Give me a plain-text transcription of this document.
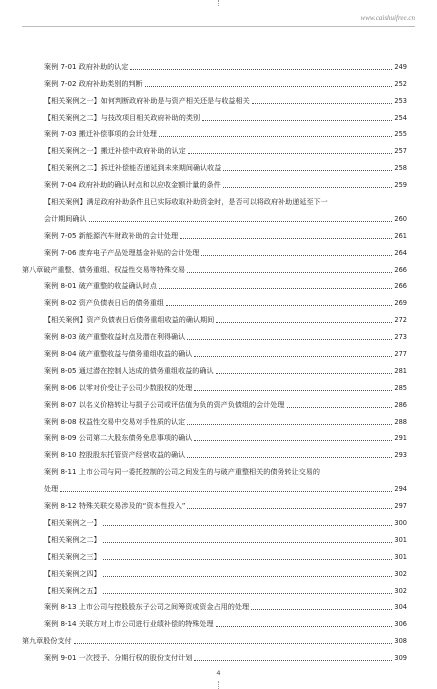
www.caishuifree.cn
案例 7-01 政府补助的认定	249
案例 7-02 政府补助类别的判断	252
【相关案例之一】如何判断政府补助是与资产相关还是与收益相关	253
【相关案例之二】与技改项目相关政府补助的类别	254
案例 7-03 搬迁补偿事项的会计处理	255
【相关案例之一】搬迁补偿中政府补助的认定	257
【相关案例之二】拆迁补偿能否递延到未来期间确认收益	258
案例 7-04 政府补助的确认时点和以应收金额计量的条件	259
【相关案例】满足政府补助条件且已实际收取补助资金时，是否可以将政府补助递延至下一
会计期间确认	260
案例 7-05 新能源汽车财政补助的会计处理	261
案例 7-06 废弃电子产品处理基金补贴的会计处理	264
第八章破产重整、债务重组、权益性交易等特殊交易	266
案例 8-01 破产重整的收益确认时点	266
案例 8-02 资产负债表日后的债务重组	269
【相关案例】资产负债表日后债务重组收益的确认期间	272
案例 8-03 破产重整收益时点及潜在利得确认	273
案例 8-04 破产重整收益与债务重组收益的确认	277
案例 8-05 通过潜在控制人达成的债务重组收益的确认	281
案例 8-06 以零对价受让子公司少数股权的处理	285
案例 8-07 以名义价格转让与损子公司或评估值为负的资产负债组的会计处理	286
案例 8-08 权益性交易中交易对手性质的认定	288
案例 8-09 公司第二大股东债务免息事项的确认	291
案例 8-10 控股股东托管资产经营收益的确认	293
案例 8-11 上市公司与同一委托控制的公司之间发生的与破产重整相关的债务转让交易的
处理	294
案例 8-12 特殊关联交易涉及的“资本性投入”	297
【相关案例之一】	300
【相关案例之二】	301
【相关案例之三】	301
【相关案例之四】	302
【相关案例之五】	302
案例 8-13 上市公司与控股股东子公司之间筹资或资金占用的处理	304
案例 8-14 关联方对上市公司进行业绩补偿的特殊处理	306
第九章股份支付	308
案例 9-01 一次授予、分期行权的股份支付计划	309
4
